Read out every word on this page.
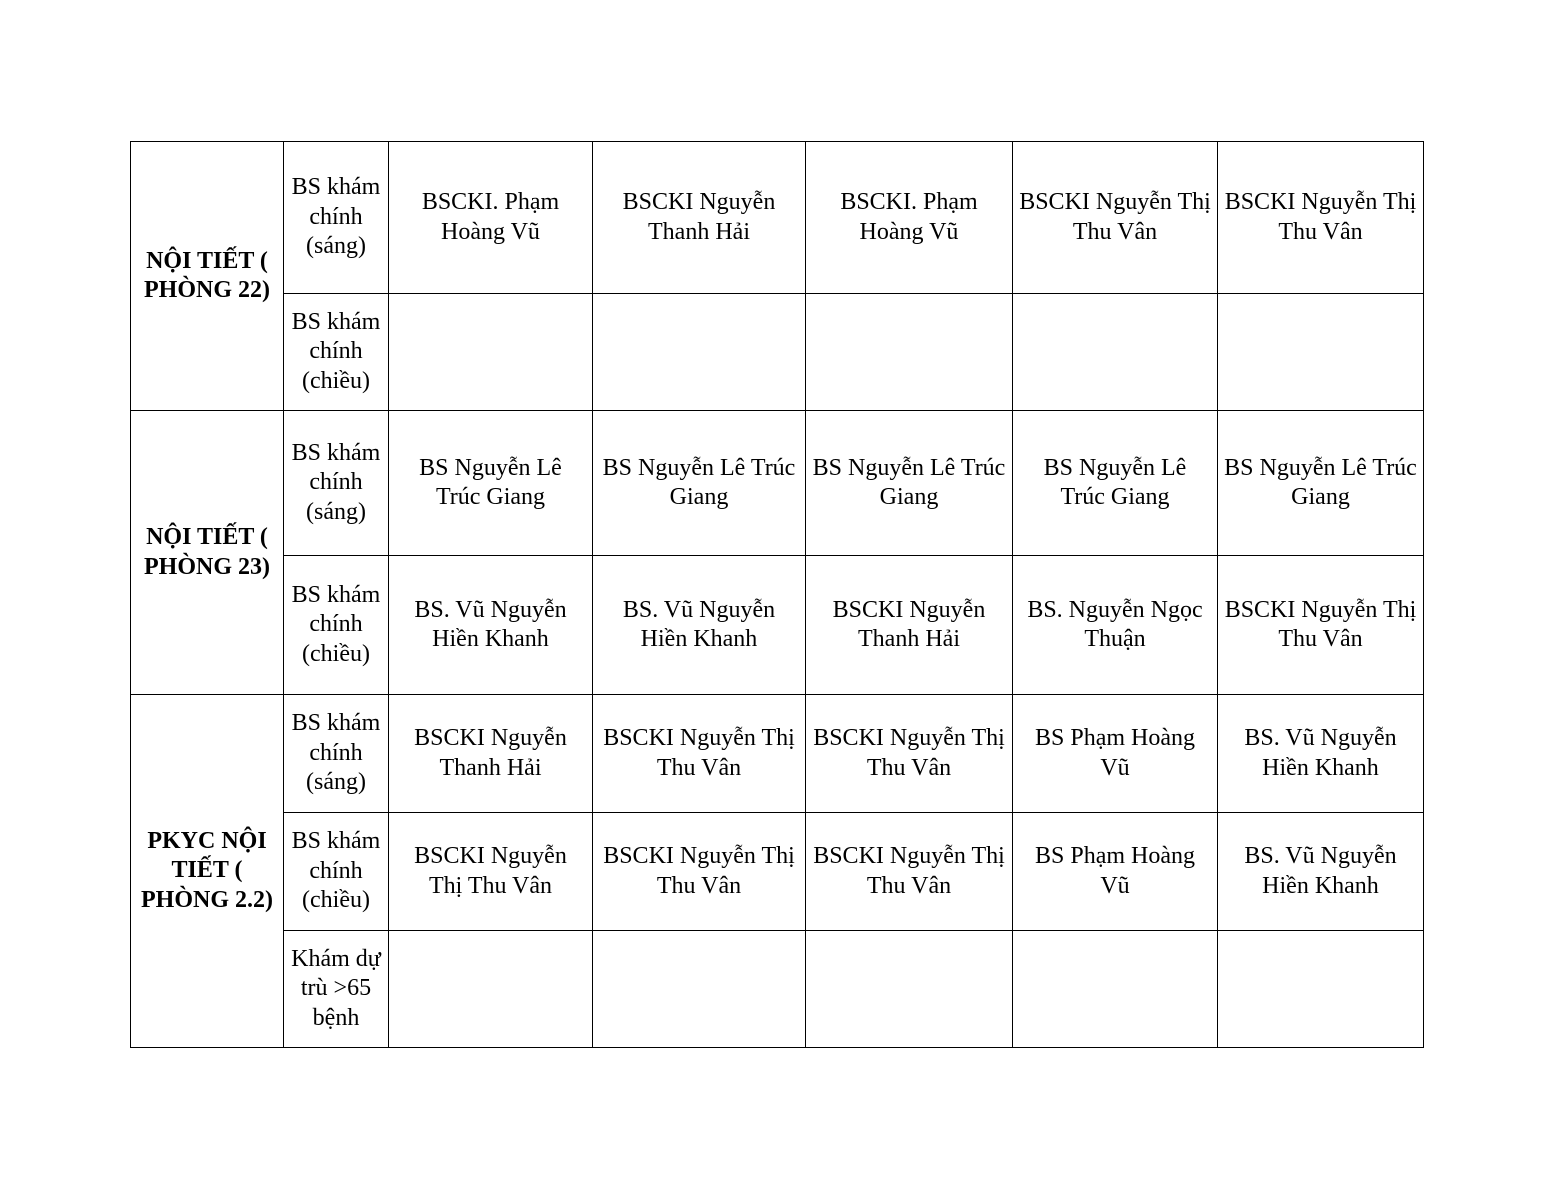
NỘI TIẾT ( PHÒNG 22)	BS khám chính (sáng)	BSCKI. Phạm Hoàng Vũ	BSCKI Nguyễn Thanh Hải	BSCKI. Phạm Hoàng Vũ	BSCKI Nguyễn Thị Thu Vân	BSCKI Nguyễn Thị Thu Vân
	BS khám chính (chiều)					
NỘI TIẾT ( PHÒNG 23)	BS khám chính (sáng)	BS Nguyễn Lê Trúc Giang	BS Nguyễn Lê Trúc Giang	BS Nguyễn Lê Trúc Giang	BS Nguyễn Lê Trúc Giang	BS Nguyễn Lê Trúc Giang
	BS khám chính (chiều)	BS. Vũ Nguyễn Hiền Khanh	BS. Vũ Nguyễn Hiền Khanh	BSCKI Nguyễn Thanh Hải	BS. Nguyễn Ngọc Thuận	BSCKI Nguyễn Thị Thu Vân
PKYC NỘI TIẾT ( PHÒNG 2.2)	BS khám chính (sáng)	BSCKI Nguyễn Thanh Hải	BSCKI Nguyễn Thị Thu Vân	BSCKI Nguyễn Thị Thu Vân	BS Phạm Hoàng Vũ	BS. Vũ Nguyễn Hiền Khanh
	BS khám chính (chiều)	BSCKI Nguyễn Thị Thu Vân	BSCKI Nguyễn Thị Thu Vân	BSCKI Nguyễn Thị Thu Vân	BS Phạm Hoàng Vũ	BS. Vũ Nguyễn Hiền Khanh
	Khám dự trù >65 bệnh					
